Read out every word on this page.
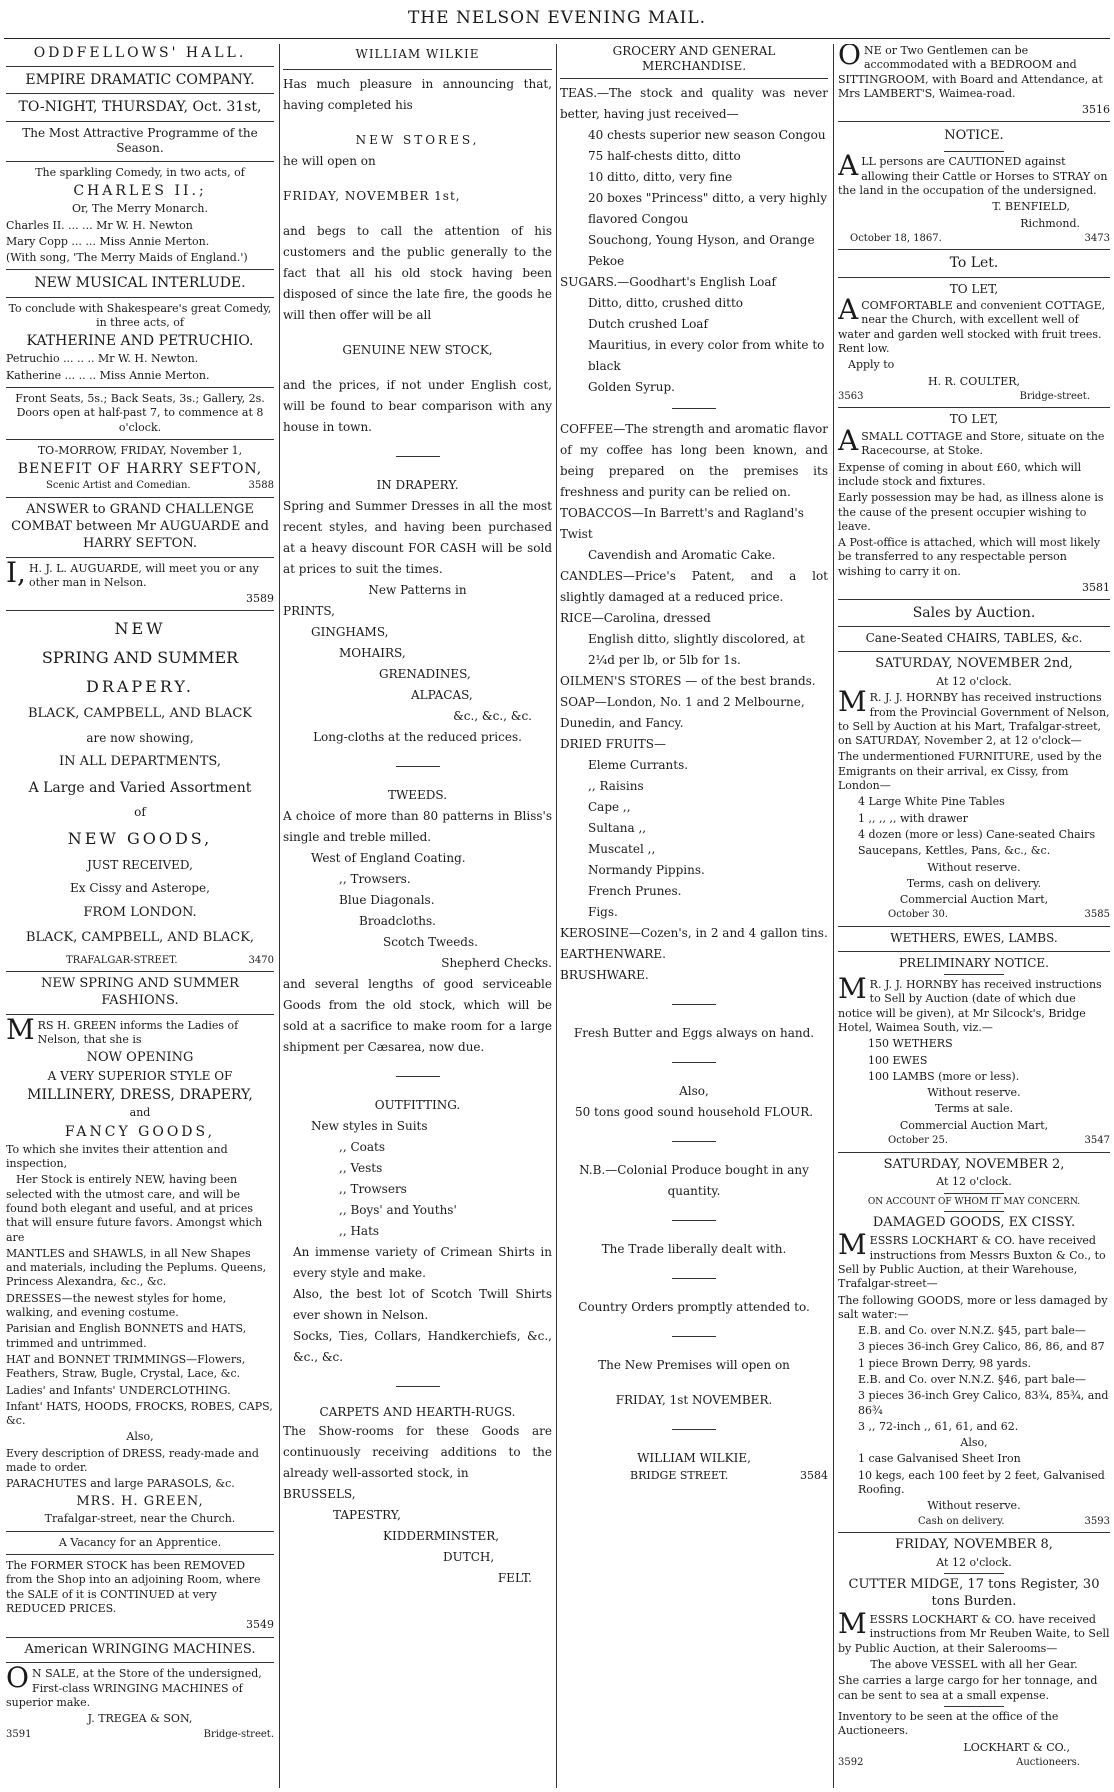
THE NELSON EVENING MAIL.

ODDFELLOWS' HALL.

EMPIRE DRAMATIC COMPANY.

TO-NIGHT, THURSDAY, Oct. 31st,

The Most Attractive Programme of the Season.

The sparkling Comedy, in two acts, of

CHARLES II.;

Or, The Merry Monarch.

Charles II. ... ... Mr W. H. Newton

Mary Copp ... ... Miss Annie Merton.

(With song, 'The Merry Maids of England.')

NEW MUSICAL INTERLUDE.

To conclude with Shakespeare's great Comedy, in three acts, of

KATHERINE AND PETRUCHIO.

Petruchio ... .. .. Mr W. H. Newton.

Katherine ... .. .. Miss Annie Merton.

Front Seats, 5s.; Back Seats, 3s.; Gallery, 2s. Doors open at half-past 7, to commence at 8 o'clock.

TO-MORROW, FRIDAY, November 1,

BENEFIT OF HARRY SEFTON,

Scenic Artist and Comedian.	3588

ANSWER to GRAND CHALLENGE COMBAT between Mr AUGUARDE and HARRY SEFTON.

I,H. J. L. AUGUARDE, will meet you or any other man in Nelson.

3589

NEW

SPRING AND SUMMER

DRAPERY.

BLACK, CAMPBELL, AND BLACK

are now showing,

IN ALL DEPARTMENTS,

A Large and Varied Assortment

of

NEW GOODS,

JUST RECEIVED,

Ex Cissy and Asterope,

FROM LONDON.

BLACK, CAMPBELL, AND BLACK,

TRAFALGAR-STREET.	3470

NEW SPRING AND SUMMER FASHIONS.

MRS H. GREEN informs the Ladies of Nelson, that she is

NOW OPENING

A VERY SUPERIOR STYLE OF

MILLINERY, DRESS, DRAPERY,

and

FANCY GOODS,

To which she invites their attention and inspection,

Her Stock is entirely NEW, having been selected with the utmost care, and will be found both elegant and useful, and at prices that will ensure future favors. Amongst which are

MANTLES and SHAWLS, in all New Shapes and materials, including the Peplums. Queens, Princess Alexandra, &c., &c.

DRESSES—the newest styles for home, walking, and evening costume.

Parisian and English BONNETS and HATS, trimmed and untrimmed.

HAT and BONNET TRIMMINGS—Flowers, Feathers, Straw, Bugle, Crystal, Lace, &c.

Ladies' and Infants' UNDERCLOTHING.

Infant' HATS, HOODS, FROCKS, ROBES, CAPS, &c.

Also,

Every description of DRESS, ready-made and made to order.

PARACHUTES and large PARASOLS, &c.

MRS. H. GREEN,

Trafalgar-street, near the Church.

A Vacancy for an Apprentice.

The FORMER STOCK has been REMOVED from the Shop into an adjoining Room, where the SALE of it is CONTINUED at very REDUCED PRICES.

3549

American WRINGING MACHINES.

ON SALE, at the Store of the undersigned, First-class WRINGING MACHINES of superior make.

J. TREGEA & SON,

3591	Bridge-street.

WILLIAM WILKIE

Has much pleasure in announcing that, having completed his

NEW STORES,

he will open on

FRIDAY, NOVEMBER 1st,

and begs to call the attention of his customers and the public generally to the fact that all his old stock having been disposed of since the late fire, the goods he will then offer will be all

GENUINE NEW STOCK,

and the prices, if not under English cost, will be found to bear comparison with any house in town.

IN DRAPERY.

Spring and Summer Dresses in all the most recent styles, and having been purchased at a heavy discount FOR CASH will be sold at prices to suit the times.

New Patterns in

PRINTS,

GINGHAMS,

MOHAIRS,

GRENADINES,

ALPACAS,

&c., &c., &c.

Long-cloths at the reduced prices.

TWEEDS.

A choice of more than 80 patterns in Bliss's single and treble milled.

West of England Coating.

,, Trowsers.

Blue Diagonals.

Broadcloths.

Scotch Tweeds.

Shepherd Checks.

and several lengths of good serviceable Goods from the old stock, which will be sold at a sacrifice to make room for a large shipment per Cæsarea, now due.

OUTFITTING.

New styles in Suits

,, Coats

,, Vests

,, Trowsers

,, Boys' and Youths'

,, Hats

An immense variety of Crimean Shirts in every style and make.

Also, the best lot of Scotch Twill Shirts ever shown in Nelson.

Socks, Ties, Collars, Handkerchiefs, &c., &c., &c.

CARPETS AND HEARTH-RUGS.

The Show-rooms for these Goods are continuously receiving additions to the already well-assorted stock, in

BRUSSELS,

TAPESTRY,

KIDDERMINSTER,

DUTCH,

FELT.

GROCERY AND GENERAL MERCHANDISE.

TEAS.—The stock and quality was never better, having just received—

40 chests superior new season Congou

75 half-chests ditto, ditto

10 ditto, ditto, very fine

20 boxes "Princess" ditto, a very highly flavored Congou

Souchong, Young Hyson, and Orange Pekoe

SUGARS.—Goodhart's English Loaf

Ditto, ditto, crushed ditto

Dutch crushed Loaf

Mauritius, in every color from white to black

Golden Syrup.

COFFEE—The strength and aromatic flavor of my coffee has long been known, and being prepared on the premises its freshness and purity can be relied on.

TOBACCOS—In Barrett's and Ragland's Twist

Cavendish and Aromatic Cake.

CANDLES—Price's Patent, and a lot slightly damaged at a reduced price.

RICE—Carolina, dressed

English ditto, slightly discolored, at 2¼d per lb, or 5lb for 1s.

OILMEN'S STORES — of the best brands.

SOAP—London, No. 1 and 2 Melbourne, Dunedin, and Fancy.

DRIED FRUITS—

Eleme Currants.

,, Raisins

Cape ,,

Sultana ,,

Muscatel ,,

Normandy Pippins.

French Prunes.

Figs.

KEROSINE—Cozen's, in 2 and 4 gallon tins.

EARTHENWARE.

BRUSHWARE.

Fresh Butter and Eggs always on hand.

Also,

50 tons good sound household FLOUR.

N.B.—Colonial Produce bought in any quantity.

The Trade liberally dealt with.

Country Orders promptly attended to.

The New Premises will open on

FRIDAY, 1st NOVEMBER.

WILLIAM WILKIE,

BRIDGE STREET.	3584

ONE or Two Gentlemen can be accommodated with a BEDROOM and SITTINGROOM, with Board and Attendance, at Mrs LAMBERT'S, Waimea-road.

3516

NOTICE.

ALL persons are CAUTIONED against allowing their Cattle or Horses to STRAY on the land in the occupation of the undersigned.

T. BENFIELD,

Richmond.

October 18, 1867.	3473

To Let.

TO LET,

ACOMFORTABLE and convenient COTTAGE, near the Church, with excellent well of water and garden well stocked with fruit trees. Rent low.

Apply to

H. R. COULTER,

3563	Bridge-street.

TO LET,

ASMALL COTTAGE and Store, situate on the Racecourse, at Stoke.

Expense of coming in about £60, which will include stock and fixtures.

Early possession may be had, as illness alone is the cause of the present occupier wishing to leave.

A Post-office is attached, which will most likely be transferred to any respectable person wishing to carry it on.

3581

Sales by Auction.

Cane-Seated CHAIRS, TABLES, &c.

SATURDAY, NOVEMBER 2nd,

At 12 o'clock.

MR. J. J. HORNBY has received instructions from the Provincial Government of Nelson, to Sell by Auction at his Mart, Trafalgar-street, on SATURDAY, November 2, at 12 o'clock—

The undermentioned FURNITURE, used by the Emigrants on their arrival, ex Cissy, from London—

4 Large White Pine Tables

1 ,, ,, ,, with drawer

4 dozen (more or less) Cane-seated Chairs

Saucepans, Kettles, Pans, &c., &c.

Without reserve.

Terms, cash on delivery.

Commercial Auction Mart,

October 30.	3585

WETHERS, EWES, LAMBS.

PRELIMINARY NOTICE.

MR. J. J. HORNBY has received instructions to Sell by Auction (date of which due notice will be given), at Mr Silcock's, Bridge Hotel, Waimea South, viz.—

150 WETHERS

100 EWES

100 LAMBS (more or less).

Without reserve.

Terms at sale.

Commercial Auction Mart,

October 25.	3547

SATURDAY, NOVEMBER 2,

At 12 o'clock.

ON ACCOUNT OF WHOM IT MAY CONCERN.

DAMAGED GOODS, EX CISSY.

MESSRS LOCKHART & CO. have received instructions from Messrs Buxton & Co., to Sell by Public Auction, at their Warehouse, Trafalgar-street—

The following GOODS, more or less damaged by salt water:—

E.B. and Co. over N.N.Z. §45, part bale—

3 pieces 36-inch Grey Calico, 86, 86, and 87

1 piece Brown Derry, 98 yards.

E.B. and Co. over N.N.Z. §46, part bale—

3 pieces 36-inch Grey Calico, 83¾, 85¾, and 86¾

3 ,, 72-inch ,, 61, 61, and 62.

Also,

1 case Galvanised Sheet Iron

10 kegs, each 100 feet by 2 feet, Galvanised Roofing.

Without reserve.

Cash on delivery.	3593

FRIDAY, NOVEMBER 8,

At 12 o'clock.

CUTTER MIDGE, 17 tons Register, 30 tons Burden.

MESSRS LOCKHART & CO. have received instructions from Mr Reuben Waite, to Sell by Public Auction, at their Salerooms—

The above VESSEL with all her Gear.

She carries a large cargo for her tonnage, and can be sent to sea at a small expense.

Inventory to be seen at the office of the Auctioneers.

LOCKHART & CO.,

3592	Auctioneers.
